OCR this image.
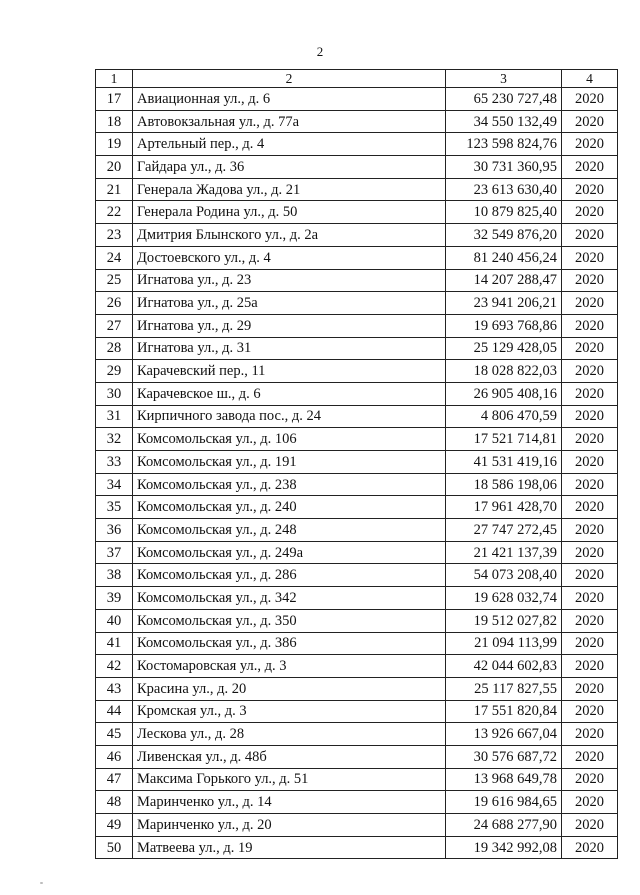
2
1	2	3	4
17	Авиационная ул., д. 6	65 230 727,48	2020
18	Автовокзальная ул., д. 77а	34 550 132,49	2020
19	Артельный пер., д. 4	123 598 824,76	2020
20	Гайдара ул., д. 36	30 731 360,95	2020
21	Генерала Жадова ул., д. 21	23 613 630,40	2020
22	Генерала Родина ул., д. 50	10 879 825,40	2020
23	Дмитрия Блынского ул., д. 2а	32 549 876,20	2020
24	Достоевского ул., д. 4	81 240 456,24	2020
25	Игнатова ул., д. 23	14 207 288,47	2020
26	Игнатова ул., д. 25а	23 941 206,21	2020
27	Игнатова ул., д. 29	19 693 768,86	2020
28	Игнатова ул., д. 31	25 129 428,05	2020
29	Карачевский пер., 11	18 028 822,03	2020
30	Карачевское ш., д. 6	26 905 408,16	2020
31	Кирпичного завода пос., д. 24	4 806 470,59	2020
32	Комсомольская ул., д. 106	17 521 714,81	2020
33	Комсомольская ул., д. 191	41 531 419,16	2020
34	Комсомольская ул., д. 238	18 586 198,06	2020
35	Комсомольская ул., д. 240	17 961 428,70	2020
36	Комсомольская ул., д. 248	27 747 272,45	2020
37	Комсомольская ул., д. 249а	21 421 137,39	2020
38	Комсомольская ул., д. 286	54 073 208,40	2020
39	Комсомольская ул., д. 342	19 628 032,74	2020
40	Комсомольская ул., д. 350	19 512 027,82	2020
41	Комсомольская ул., д. 386	21 094 113,99	2020
42	Костомаровская ул., д. 3	42 044 602,83	2020
43	Красина ул., д. 20	25 117 827,55	2020
44	Кромская ул., д. 3	17 551 820,84	2020
45	Лескова ул., д. 28	13 926 667,04	2020
46	Ливенская ул., д. 48б	30 576 687,72	2020
47	Максима Горького ул., д. 51	13 968 649,78	2020
48	Маринченко ул., д. 14	19 616 984,65	2020
49	Маринченко ул., д. 20	24 688 277,90	2020
50	Матвеева ул., д. 19	19 342 992,08	2020
